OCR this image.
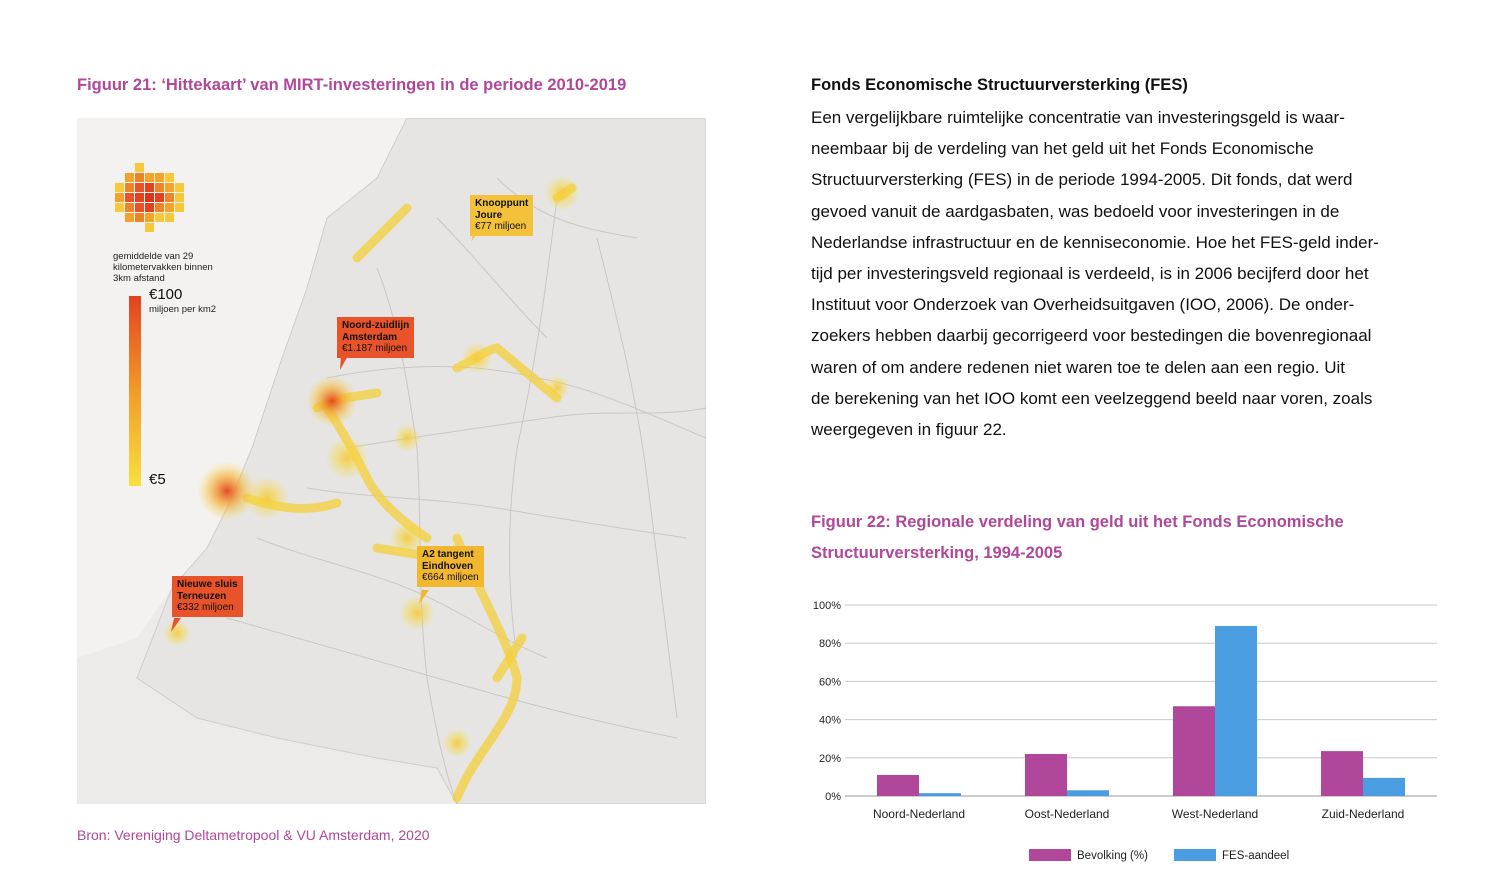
Figuur 21: ‘Hittekaart’ van MIRT-investeringen in de periode 2010-2019
gemiddelde van 29 kilometervakken binnen 3km afstand
€100
miljoen per km2
€5
Knooppunt
Joure
€77 miljoen
Noord-zuidlijn
Amsterdam
€1.187 miljoen
A2 tangent
Eindhoven
€664 miljoen
Nieuwe sluis
Terneuzen
€332 miljoen
Bron: Vereniging Deltametropool & VU Amsterdam, 2020
Fonds Economische Structuurversterking (FES)
Een vergelijkbare ruimtelijke concentratie van investeringsgeld is waar-
neembaar bij de verdeling van het geld uit het Fonds Economische
Structuurversterking (FES) in de periode 1994-2005. Dit fonds, dat werd
gevoed vanuit de aardgasbaten, was bedoeld voor investeringen in de
Nederlandse infrastructuur en de kenniseconomie. Hoe het FES-geld inder-
tijd per investeringsveld regionaal is verdeeld, is in 2006 becijferd door het
Instituut voor Onderzoek van Overheidsuitgaven (IOO, 2006). De onder-
zoekers hebben daarbij gecorrigeerd voor bestedingen die bovenregionaal
waren of om andere redenen niet waren toe te delen aan een regio. Uit
de berekening van het IOO komt een veelzeggend beeld naar voren, zoals
weergegeven in figuur 22.
Figuur 22: Regionale verdeling van geld uit het Fonds Economische
Structuurversterking, 1994-2005
0%
20%
40%
60%
80%
100%
Noord-Nederland	Oost-Nederland	West-Nederland	Zuid-Nederland
Bevolking (%)	FES-aandeel
